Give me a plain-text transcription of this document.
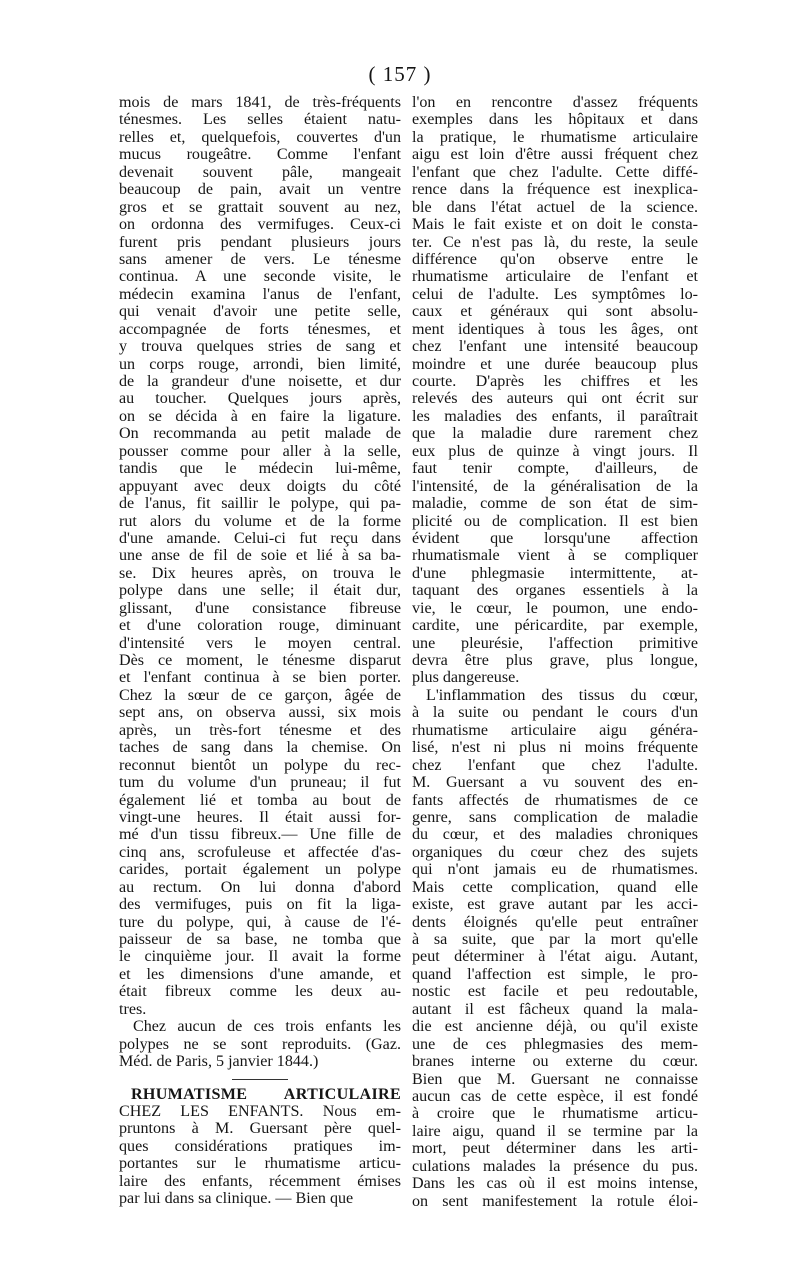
( 157 )
mois de mars 1841, de très-fréquents
ténesmes. Les selles étaient natu-
relles et, quelquefois, couvertes d'un
mucus rougeâtre. Comme l'enfant
devenait souvent pâle, mangeait
beaucoup de pain, avait un ventre
gros et se grattait souvent au nez,
on ordonna des vermifuges. Ceux-ci
furent pris pendant plusieurs jours
sans amener de vers. Le ténesme
continua. A une seconde visite, le
médecin examina l'anus de l'enfant,
qui venait d'avoir une petite selle,
accompagnée de forts ténesmes, et
y trouva quelques stries de sang et
un corps rouge, arrondi, bien limité,
de la grandeur d'une noisette, et dur
au toucher. Quelques jours après,
on se décida à en faire la ligature.
On recommanda au petit malade de
pousser comme pour aller à la selle,
tandis que le médecin lui-même,
appuyant avec deux doigts du côté
de l'anus, fit saillir le polype, qui pa-
rut alors du volume et de la forme
d'une amande. Celui-ci fut reçu dans
une anse de fil de soie et lié à sa ba-
se. Dix heures après, on trouva le
polype dans une selle; il était dur,
glissant, d'une consistance fibreuse
et d'une coloration rouge, diminuant
d'intensité vers le moyen central.
Dès ce moment, le ténesme disparut
et l'enfant continua à se bien porter.
Chez la sœur de ce garçon, âgée de
sept ans, on observa aussi, six mois
après, un très-fort ténesme et des
taches de sang dans la chemise. On
reconnut bientôt un polype du rec-
tum du volume d'un pruneau; il fut
également lié et tomba au bout de
vingt-une heures. Il était aussi for-
mé d'un tissu fibreux.— Une fille de
cinq ans, scrofuleuse et affectée d'as-
carides, portait également un polype
au rectum. On lui donna d'abord
des vermifuges, puis on fit la liga-
ture du polype, qui, à cause de l'é-
paisseur de sa base, ne tomba que
le cinquième jour. Il avait la forme
et les dimensions d'une amande, et
était fibreux comme les deux au-
tres.
Chez aucun de ces trois enfants les
polypes ne se sont reproduits. (Gaz.
Méd. de Paris, 5 janvier 1844.)
RHUMATISME ARTICULAIRE
CHEZ LES ENFANTS. Nous em-
pruntons à M. Guersant père quel-
ques considérations pratiques im-
portantes sur le rhumatisme articu-
laire des enfants, récemment émises
par lui dans sa clinique. — Bien que
l'on en rencontre d'assez fréquents
exemples dans les hôpitaux et dans
la pratique, le rhumatisme articulaire
aigu est loin d'être aussi fréquent chez
l'enfant que chez l'adulte. Cette diffé-
rence dans la fréquence est inexplica-
ble dans l'état actuel de la science.
Mais le fait existe et on doit le consta-
ter. Ce n'est pas là, du reste, la seule
différence qu'on observe entre le
rhumatisme articulaire de l'enfant et
celui de l'adulte. Les symptômes lo-
caux et généraux qui sont absolu-
ment identiques à tous les âges, ont
chez l'enfant une intensité beaucoup
moindre et une durée beaucoup plus
courte. D'après les chiffres et les
relevés des auteurs qui ont écrit sur
les maladies des enfants, il paraîtrait
que la maladie dure rarement chez
eux plus de quinze à vingt jours. Il
faut tenir compte, d'ailleurs, de
l'intensité, de la généralisation de la
maladie, comme de son état de sim-
plicité ou de complication. Il est bien
évident que lorsqu'une affection
rhumatismale vient à se compliquer
d'une phlegmasie intermittente, at-
taquant des organes essentiels à la
vie, le cœur, le poumon, une endo-
cardite, une péricardite, par exemple,
une pleurésie, l'affection primitive
devra être plus grave, plus longue,
plus dangereuse.
L'inflammation des tissus du cœur,
à la suite ou pendant le cours d'un
rhumatisme articulaire aigu généra-
lisé, n'est ni plus ni moins fréquente
chez l'enfant que chez l'adulte.
M. Guersant a vu souvent des en-
fants affectés de rhumatismes de ce
genre, sans complication de maladie
du cœur, et des maladies chroniques
organiques du cœur chez des sujets
qui n'ont jamais eu de rhumatismes.
Mais cette complication, quand elle
existe, est grave autant par les acci-
dents éloignés qu'elle peut entraîner
à sa suite, que par la mort qu'elle
peut déterminer à l'état aigu. Autant,
quand l'affection est simple, le pro-
nostic est facile et peu redoutable,
autant il est fâcheux quand la mala-
die est ancienne déjà, ou qu'il existe
une de ces phlegmasies des mem-
branes interne ou externe du cœur.
Bien que M. Guersant ne connaisse
aucun cas de cette espèce, il est fondé
à croire que le rhumatisme articu-
laire aigu, quand il se termine par la
mort, peut déterminer dans les arti-
culations malades la présence du pus.
Dans les cas où il est moins intense,
on sent manifestement la rotule éloi-
